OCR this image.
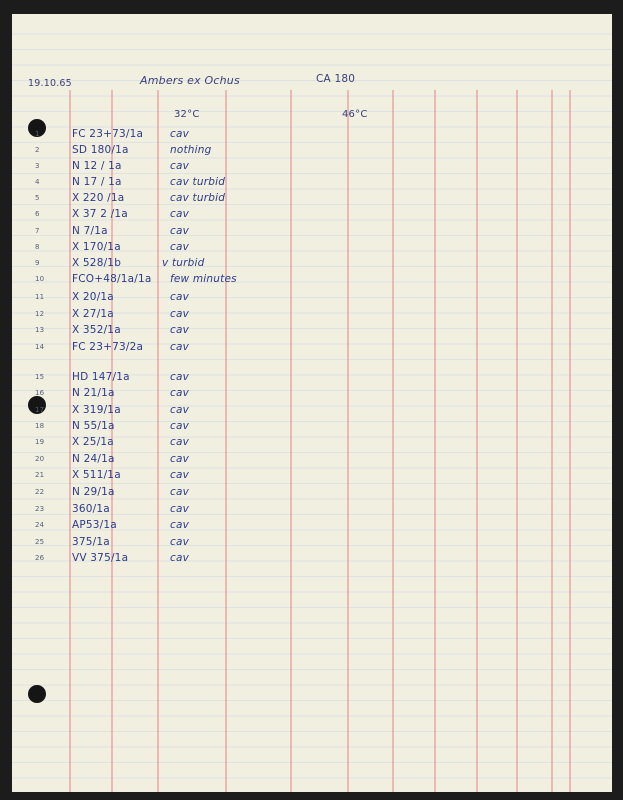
19.10.65	Ambers ex Ochus	CA 180
32°C	46°C
1	FC 23+73/1a	cav
2	SD 180/1a	nothing
3	N 12 / 1a	cav
4	N 17 / 1a	cav turbid
5	X 220 /1a	cav turbid
6	X 37 2 /1a	cav
7	N 7/1a	cav
8	X 170/1a	cav
9	X 528/1b	v turbid
10	FCO+48/1a/1a few minutes
11	X 20/1a	cav
12	X 27/1a	cav
13	X 352/1a	cav
14	FC 23+73/2a	cav
15	HD 147/1a	cav
16	N 21/1a	cav
17	X 319/1a	cav
18	N 55/1a	cav
19	X 25/1a	cav
20	N 24/1a	cav
21	X 511/1a	cav
22	N 29/1a	cav
23	360/1a	cav
24	AP53/1a	cav
25	375/1a	cav
26	VV 375/1a	cav
